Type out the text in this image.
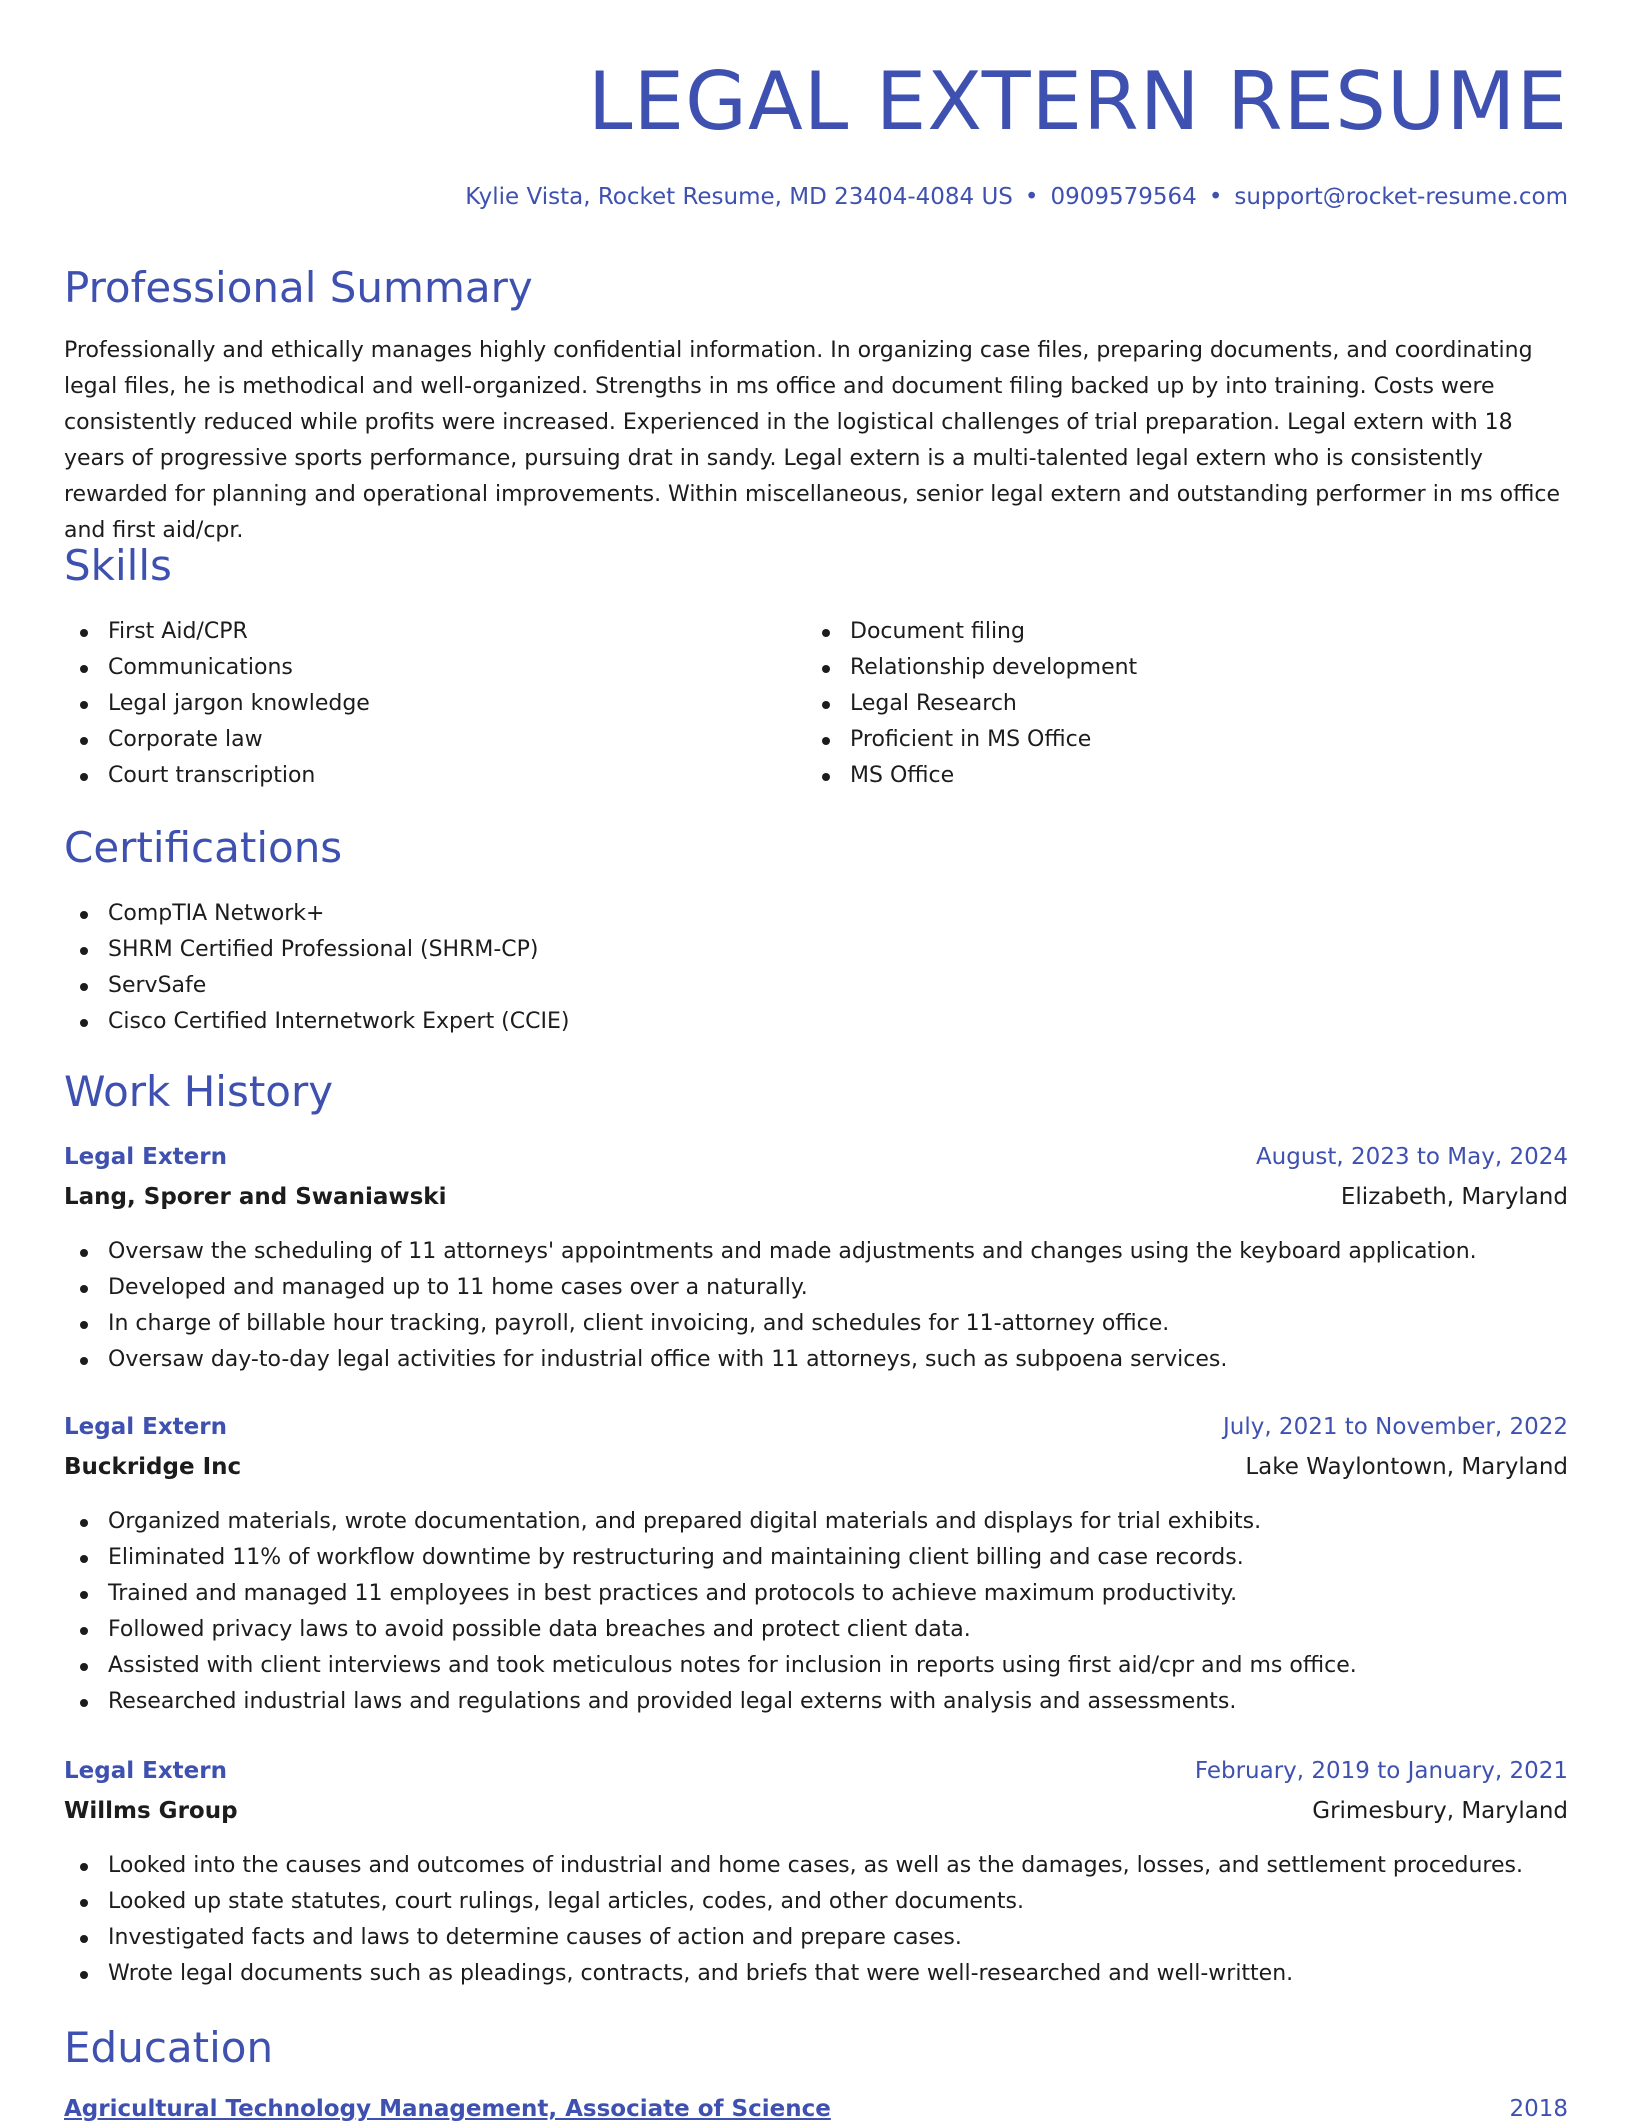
LEGAL EXTERN RESUME
Kylie Vista, Rocket Resume, MD 23404-4084 US • 0909579564 • support@rocket-resume.com
Professional Summary

Professionally and ethically manages highly confidential information. In organizing case files, preparing documents, and coordinating legal files, he is methodical and well-organized. Strengths in ms office and document filing backed up by into training. Costs were consistently reduced while profits were increased. Experienced in the logistical challenges of trial preparation. Legal extern with 18 years of progressive sports performance, pursuing drat in sandy. Legal extern is a multi-talented legal extern who is consistently rewarded for planning and operational improvements. Within miscellaneous, senior legal extern and outstanding performer in ms office and first aid/cpr.

Skills
First Aid/CPR
Communications
Legal jargon knowledge
Corporate law
Court transcription
Document filing
Relationship development
Legal Research
Proficient in MS Office
MS Office
Certifications
CompTIA Network+
SHRM Certified Professional (SHRM-CP)
ServSafe
Cisco Certified Internetwork Expert (CCIE)
Work History
Legal Extern	August, 2023 to May, 2024
Lang, Sporer and Swaniawski	Elizabeth, Maryland
Oversaw the scheduling of 11 attorneys' appointments and made adjustments and changes using the keyboard application.
Developed and managed up to 11 home cases over a naturally.
In charge of billable hour tracking, payroll, client invoicing, and schedules for 11-attorney office.
Oversaw day-to-day legal activities for industrial office with 11 attorneys, such as subpoena services.
Legal Extern	July, 2021 to November, 2022
Buckridge Inc	Lake Waylontown, Maryland
Organized materials, wrote documentation, and prepared digital materials and displays for trial exhibits.
Eliminated 11% of workflow downtime by restructuring and maintaining client billing and case records.
Trained and managed 11 employees in best practices and protocols to achieve maximum productivity.
Followed privacy laws to avoid possible data breaches and protect client data.
Assisted with client interviews and took meticulous notes for inclusion in reports using first aid/cpr and ms office.
Researched industrial laws and regulations and provided legal externs with analysis and assessments.
Legal Extern	February, 2019 to January, 2021
Willms Group	Grimesbury, Maryland
Looked into the causes and outcomes of industrial and home cases, as well as the damages, losses, and settlement procedures.
Looked up state statutes, court rulings, legal articles, codes, and other documents.
Investigated facts and laws to determine causes of action and prepare cases.
Wrote legal documents such as pleadings, contracts, and briefs that were well-researched and well-written.
Education
Agricultural Technology Management, Associate of Science	2018
